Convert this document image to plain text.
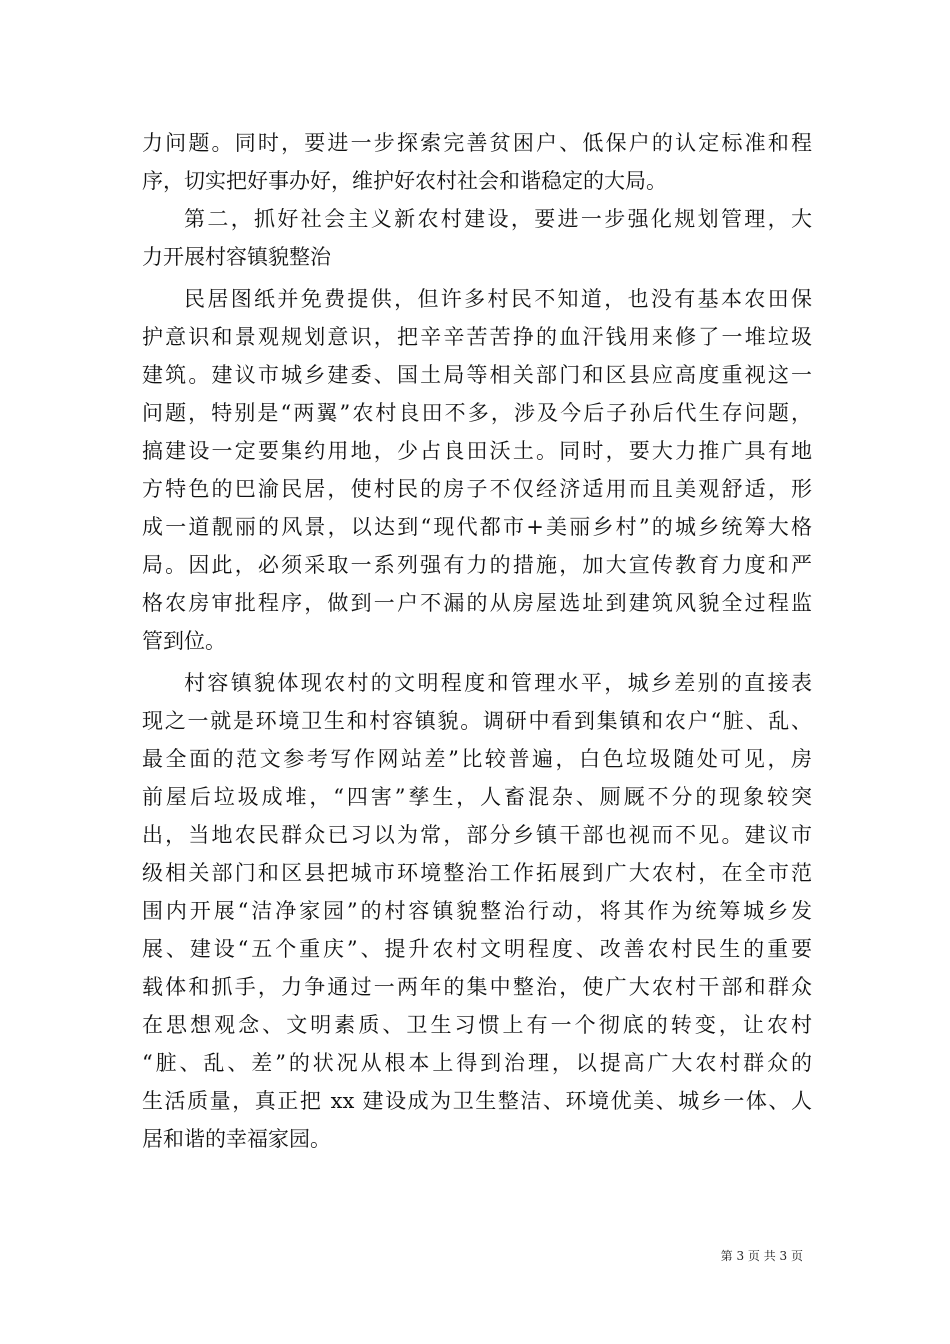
力问题。同时，要进一步探索完善贫困户、低保户的认定标准和程
序，切实把好事办好，维护好农村社会和谐稳定的大局。
第二，抓好社会主义新农村建设，要进一步强化规划管理，大
力开展村容镇貌整治
民居图纸并免费提供，但许多村民不知道，也没有基本农田保
护意识和景观规划意识，把辛辛苦苦挣的血汗钱用来修了一堆垃圾
建筑。建议市城乡建委、国土局等相关部门和区县应高度重视这一
问题，特别是“两翼”农村良田不多，涉及今后子孙后代生存问题，
搞建设一定要集约用地，少占良田沃土。同时，要大力推广具有地
方特色的巴渝民居，使村民的房子不仅经济适用而且美观舒适，形
成一道靓丽的风景，以达到“现代都市+美丽乡村”的城乡统筹大格
局。因此，必须采取一系列强有力的措施，加大宣传教育力度和严
格农房审批程序，做到一户不漏的从房屋选址到建筑风貌全过程监
管到位。
村容镇貌体现农村的文明程度和管理水平，城乡差别的直接表
现之一就是环境卫生和村容镇貌。调研中看到集镇和农户“脏、乱、
最全面的范文参考写作网站差”比较普遍，白色垃圾随处可见，房
前屋后垃圾成堆，“四害”孳生，人畜混杂、厕厩不分的现象较突
出，当地农民群众已习以为常，部分乡镇干部也视而不见。建议市
级相关部门和区县把城市环境整治工作拓展到广大农村，在全市范
围内开展“洁净家园”的村容镇貌整治行动，将其作为统筹城乡发
展、建设“五个重庆”、提升农村文明程度、改善农村民生的重要
载体和抓手，力争通过一两年的集中整治，使广大农村干部和群众
在思想观念、文明素质、卫生习惯上有一个彻底的转变，让农村
“脏、乱、差”的状况从根本上得到治理，以提高广大农村群众的
生活质量，真正把 xx 建设成为卫生整洁、环境优美、城乡一体、人
居和谐的幸福家园。
第 3 页 共 3 页
